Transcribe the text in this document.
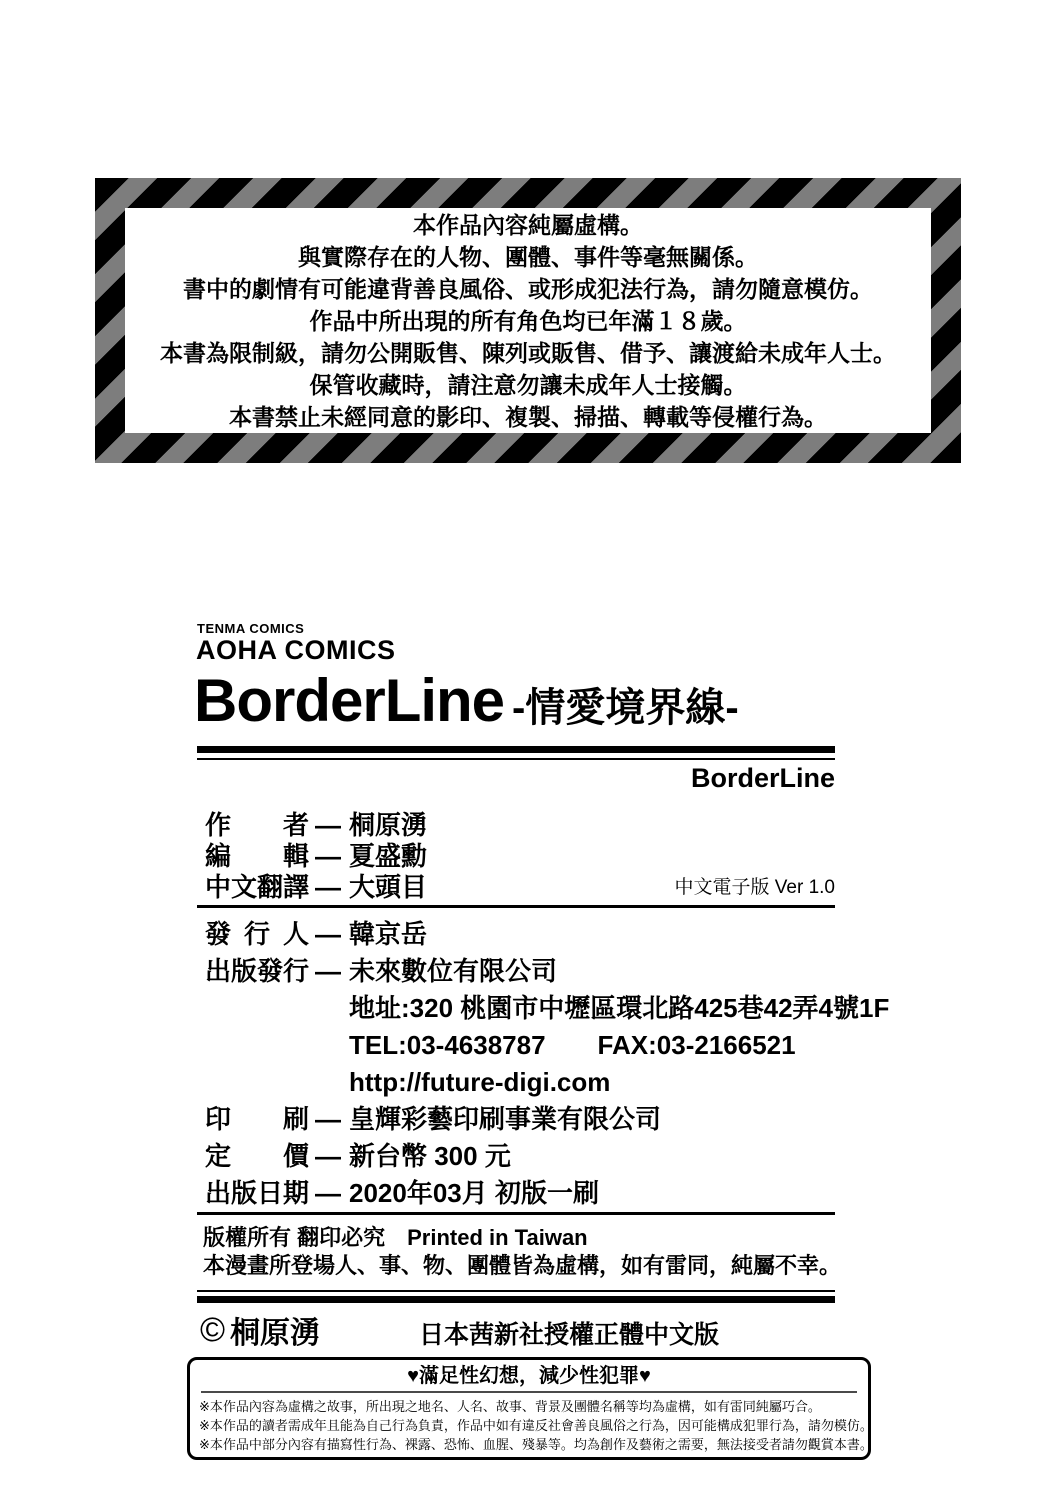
本作品內容純屬虛構。
與實際存在的人物、團體、事件等毫無關係。
書中的劇情有可能違背善良風俗、或形成犯法行為，請勿隨意模仿。
作品中所出現的所有角色均已年滿１８歲。
本書為限制級，請勿公開販售、陳列或販售、借予、讓渡給未成年人士。
保管收藏時，請注意勿讓未成年人士接觸。
本書禁止未經同意的影印、複製、掃描、轉載等侵權行為。
TENMA COMICS
AOHA COMICS
BorderLine -情愛境界線-
BorderLine
作　　者 — 桐原湧
編　　輯 — 夏盛勳
中文翻譯 — 大頭目	中文電子版 Ver 1.0
發 行 人 — 韓京岳
出版發行 — 未來數位有限公司
地址:320 桃園市中壢區環北路425巷42弄4號1F
TEL:03-4638787　　FAX:03-2166521
http://future-digi.com
印　　刷 — 皇輝彩藝印刷事業有限公司
定　　價 — 新台幣 300 元
出版日期 — 2020年03月 初版一刷
版權所有 翻印必究　Printed in Taiwan
本漫畫所登場人、事、物、團體皆為虛構，如有雷同，純屬不幸。
© 桐原湧	日本茜新社授權正體中文版
♥滿足性幻想，減少性犯罪♥
※本作品內容為虛構之故事，所出現之地名、人名、故事、背景及團體名稱等均為虛構，如有雷同純屬巧合。
※本作品的讀者需成年且能為自己行為負責，作品中如有違反社會善良風俗之行為，因可能構成犯罪行為，請勿模仿。
※本作品中部分內容有描寫性行為、裸露、恐怖、血腥、殘暴等。均為創作及藝術之需要，無法接受者請勿觀賞本書。
